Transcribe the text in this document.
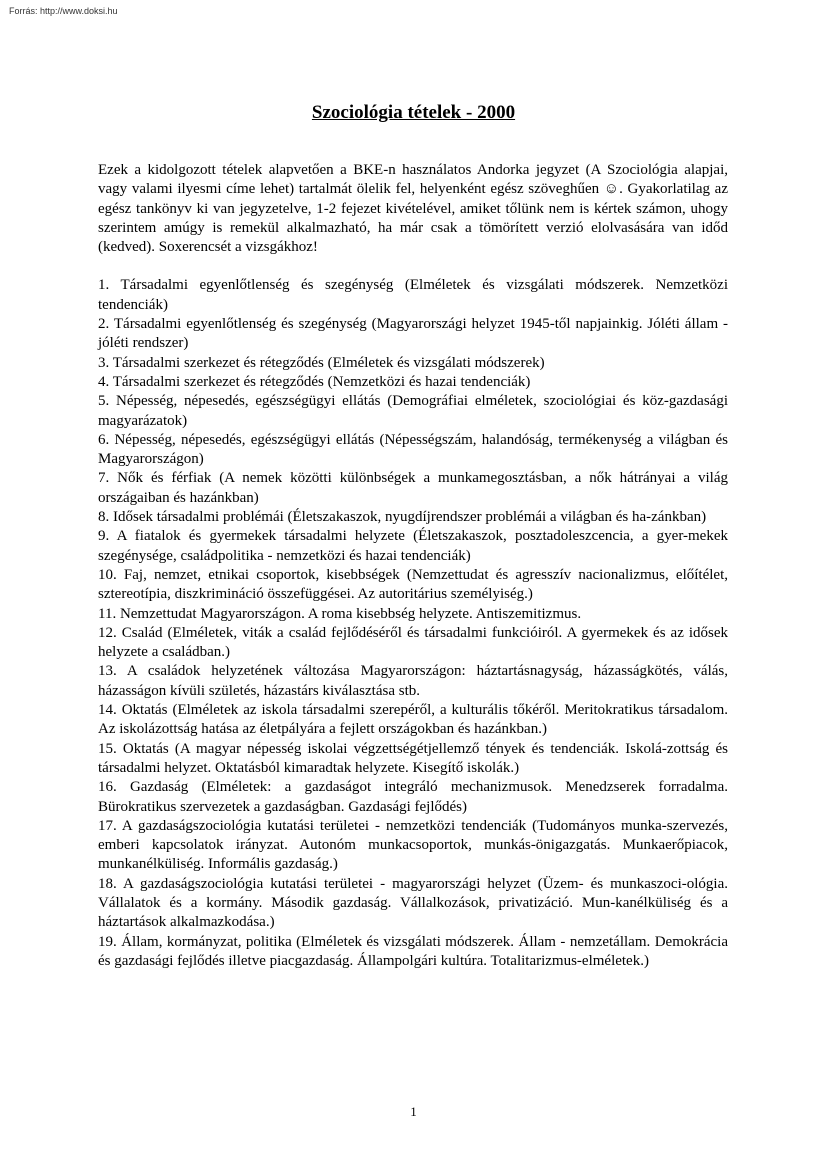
Forrás: http://www.doksi.hu
Szociológia tételek - 2000

Ezek a kidolgozott tételek alapvetően a BKE-n használatos Andorka jegyzet (A Szociológia alapjai, vagy valami ilyesmi címe lehet) tartalmát ölelik fel, helyenként egész szöveghűen ☺. Gyakorlatilag az egész tankönyv ki van jegyzetelve, 1-2 fejezet kivételével, amiket tőlünk nem is kértek számon, uhogy szerintem amúgy is remekül alkalmazható, ha már csak a tömörített verzió elolvasására van időd (kedved). Soxerencsét a vizsgákhoz!

1. Társadalmi egyenlőtlenség és szegénység (Elméletek és vizsgálati módszerek. Nemzetközi tendenciák)
2. Társadalmi egyenlőtlenség és szegénység (Magyarországi helyzet 1945-től napjainkig. Jóléti állam - jóléti rendszer)
3. Társadalmi szerkezet és rétegződés (Elméletek és vizsgálati módszerek)
4. Társadalmi szerkezet és rétegződés (Nemzetközi és hazai tendenciák)
5. Népesség, népesedés, egészségügyi ellátás (Demográfiai elméletek, szociológiai és köz-gazdasági magyarázatok)
6. Népesség, népesedés, egészségügyi ellátás (Népességszám, halandóság, termékenység a világban és Magyarországon)
7. Nők és férfiak (A nemek közötti különbségek a munkamegosztásban, a nők hátrányai a világ országaiban és hazánkban)
8. Idősek társadalmi problémái (Életszakaszok, nyugdíjrendszer problémái a világban és ha-zánkban)
9. A fiatalok és gyermekek társadalmi helyzete (Életszakaszok, posztadoleszcencia, a gyer-mekek szegénysége, családpolitika - nemzetközi és hazai tendenciák)
10. Faj, nemzet, etnikai csoportok, kisebbségek (Nemzettudat és agresszív nacionalizmus, előítélet, sztereotípia, diszkrimináció összefüggései. Az autoritárius személyiség.)
11. Nemzettudat Magyarországon. A roma kisebbség helyzete. Antiszemitizmus.
12. Család (Elméletek, viták a család fejlődéséről és társadalmi funkcióiról. A gyermekek és az idősek helyzete a családban.)
13. A családok helyzetének változása Magyarországon: háztartásnagyság, házasságkötés, válás, házasságon kívüli születés, házastárs kiválasztása stb.
14. Oktatás (Elméletek az iskola társadalmi szerepéről, a kulturális tőkéről. Meritokratikus társadalom. Az iskolázottság hatása az életpályára a fejlett országokban és hazánkban.)
15. Oktatás (A magyar népesség iskolai végzettségétjellemző tények és tendenciák. Iskolá-zottság és társadalmi helyzet. Oktatásból kimaradtak helyzete. Kisegítő iskolák.)
16. Gazdaság (Elméletek: a gazdaságot integráló mechanizmusok. Menedzserek forradalma. Bürokratikus szervezetek a gazdaságban. Gazdasági fejlődés)
17. A gazdaságszociológia kutatási területei - nemzetközi tendenciák (Tudományos munka-szervezés, emberi kapcsolatok irányzat. Autonóm munkacsoportok, munkás-önigazgatás. Munkaerőpiacok, munkanélküliség. Informális gazdaság.)
18. A gazdaságszociológia kutatási területei - magyarországi helyzet (Üzem- és munkaszoci-ológia. Vállalatok és a kormány. Második gazdaság. Vállalkozások, privatizáció. Mun-kanélküliség és a háztartások alkalmazkodása.)
19. Állam, kormányzat, politika (Elméletek és vizsgálati módszerek. Állam - nemzetállam. Demokrácia és gazdasági fejlődés illetve piacgazdaság. Állampolgári kultúra. Totalitarizmus-elméletek.)
1
